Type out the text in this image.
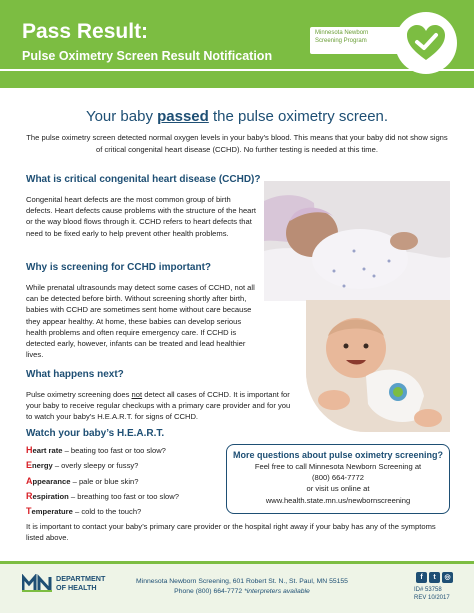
Pass Result:
Pulse Oximetry Screen Result Notification
Minnesota Newborn
Screening Program
Your baby passed the pulse oximetry screen.
The pulse oximetry screen detected normal oxygen levels in your baby’s blood. This means that your baby did not show signs of critical congenital heart disease (CCHD). No further testing is needed at this time.
What is critical congenital heart disease (CCHD)?
Congenital heart defects are the most common group of birth defects. Heart defects cause problems with the structure of the heart or the way blood flows through it. CCHD refers to heart defects that need to be fixed early to help prevent other health problems.
Why is screening for CCHD important?
While prenatal ultrasounds may detect some cases of CCHD, not all can be detected before birth. Without screening shortly after birth, babies with CCHD are sometimes sent home without care because they appear healthy. At home, these babies can develop serious health problems and often require emergency care. If CCHD is detected early, however, infants can be treated and lead healthier lives.
What happens next?
Pulse oximetry screening does not detect all cases of CCHD. It is important for your baby to receive regular checkups with a primary care provider and for you to watch your baby’s H.E.A.R.T. for signs of CCHD.
Watch your baby’s H.E.A.R.T.
Heart rate – beating too fast or too slow?
Energy – overly sleepy or fussy?
Appearance – pale or blue skin?
Respiration – breathing too fast or too slow?
Temperature – cold to the touch?
More questions about pulse oximetry screening?
Feel free to call Minnesota Newborn Screening at
(800) 664-7772
or visit us online at
www.health.state.mn.us/newbornscreening
It is important to contact your baby’s primary care provider or the hospital right away if your baby has any of the symptoms listed above.
DEPARTMENT
OF HEALTH
Minnesota Newborn Screening, 601 Robert St. N., St. Paul, MN 55155
Phone (800) 664-7772 *interpreters available
f	t	◎
ID# 53758
REV 10/2017
